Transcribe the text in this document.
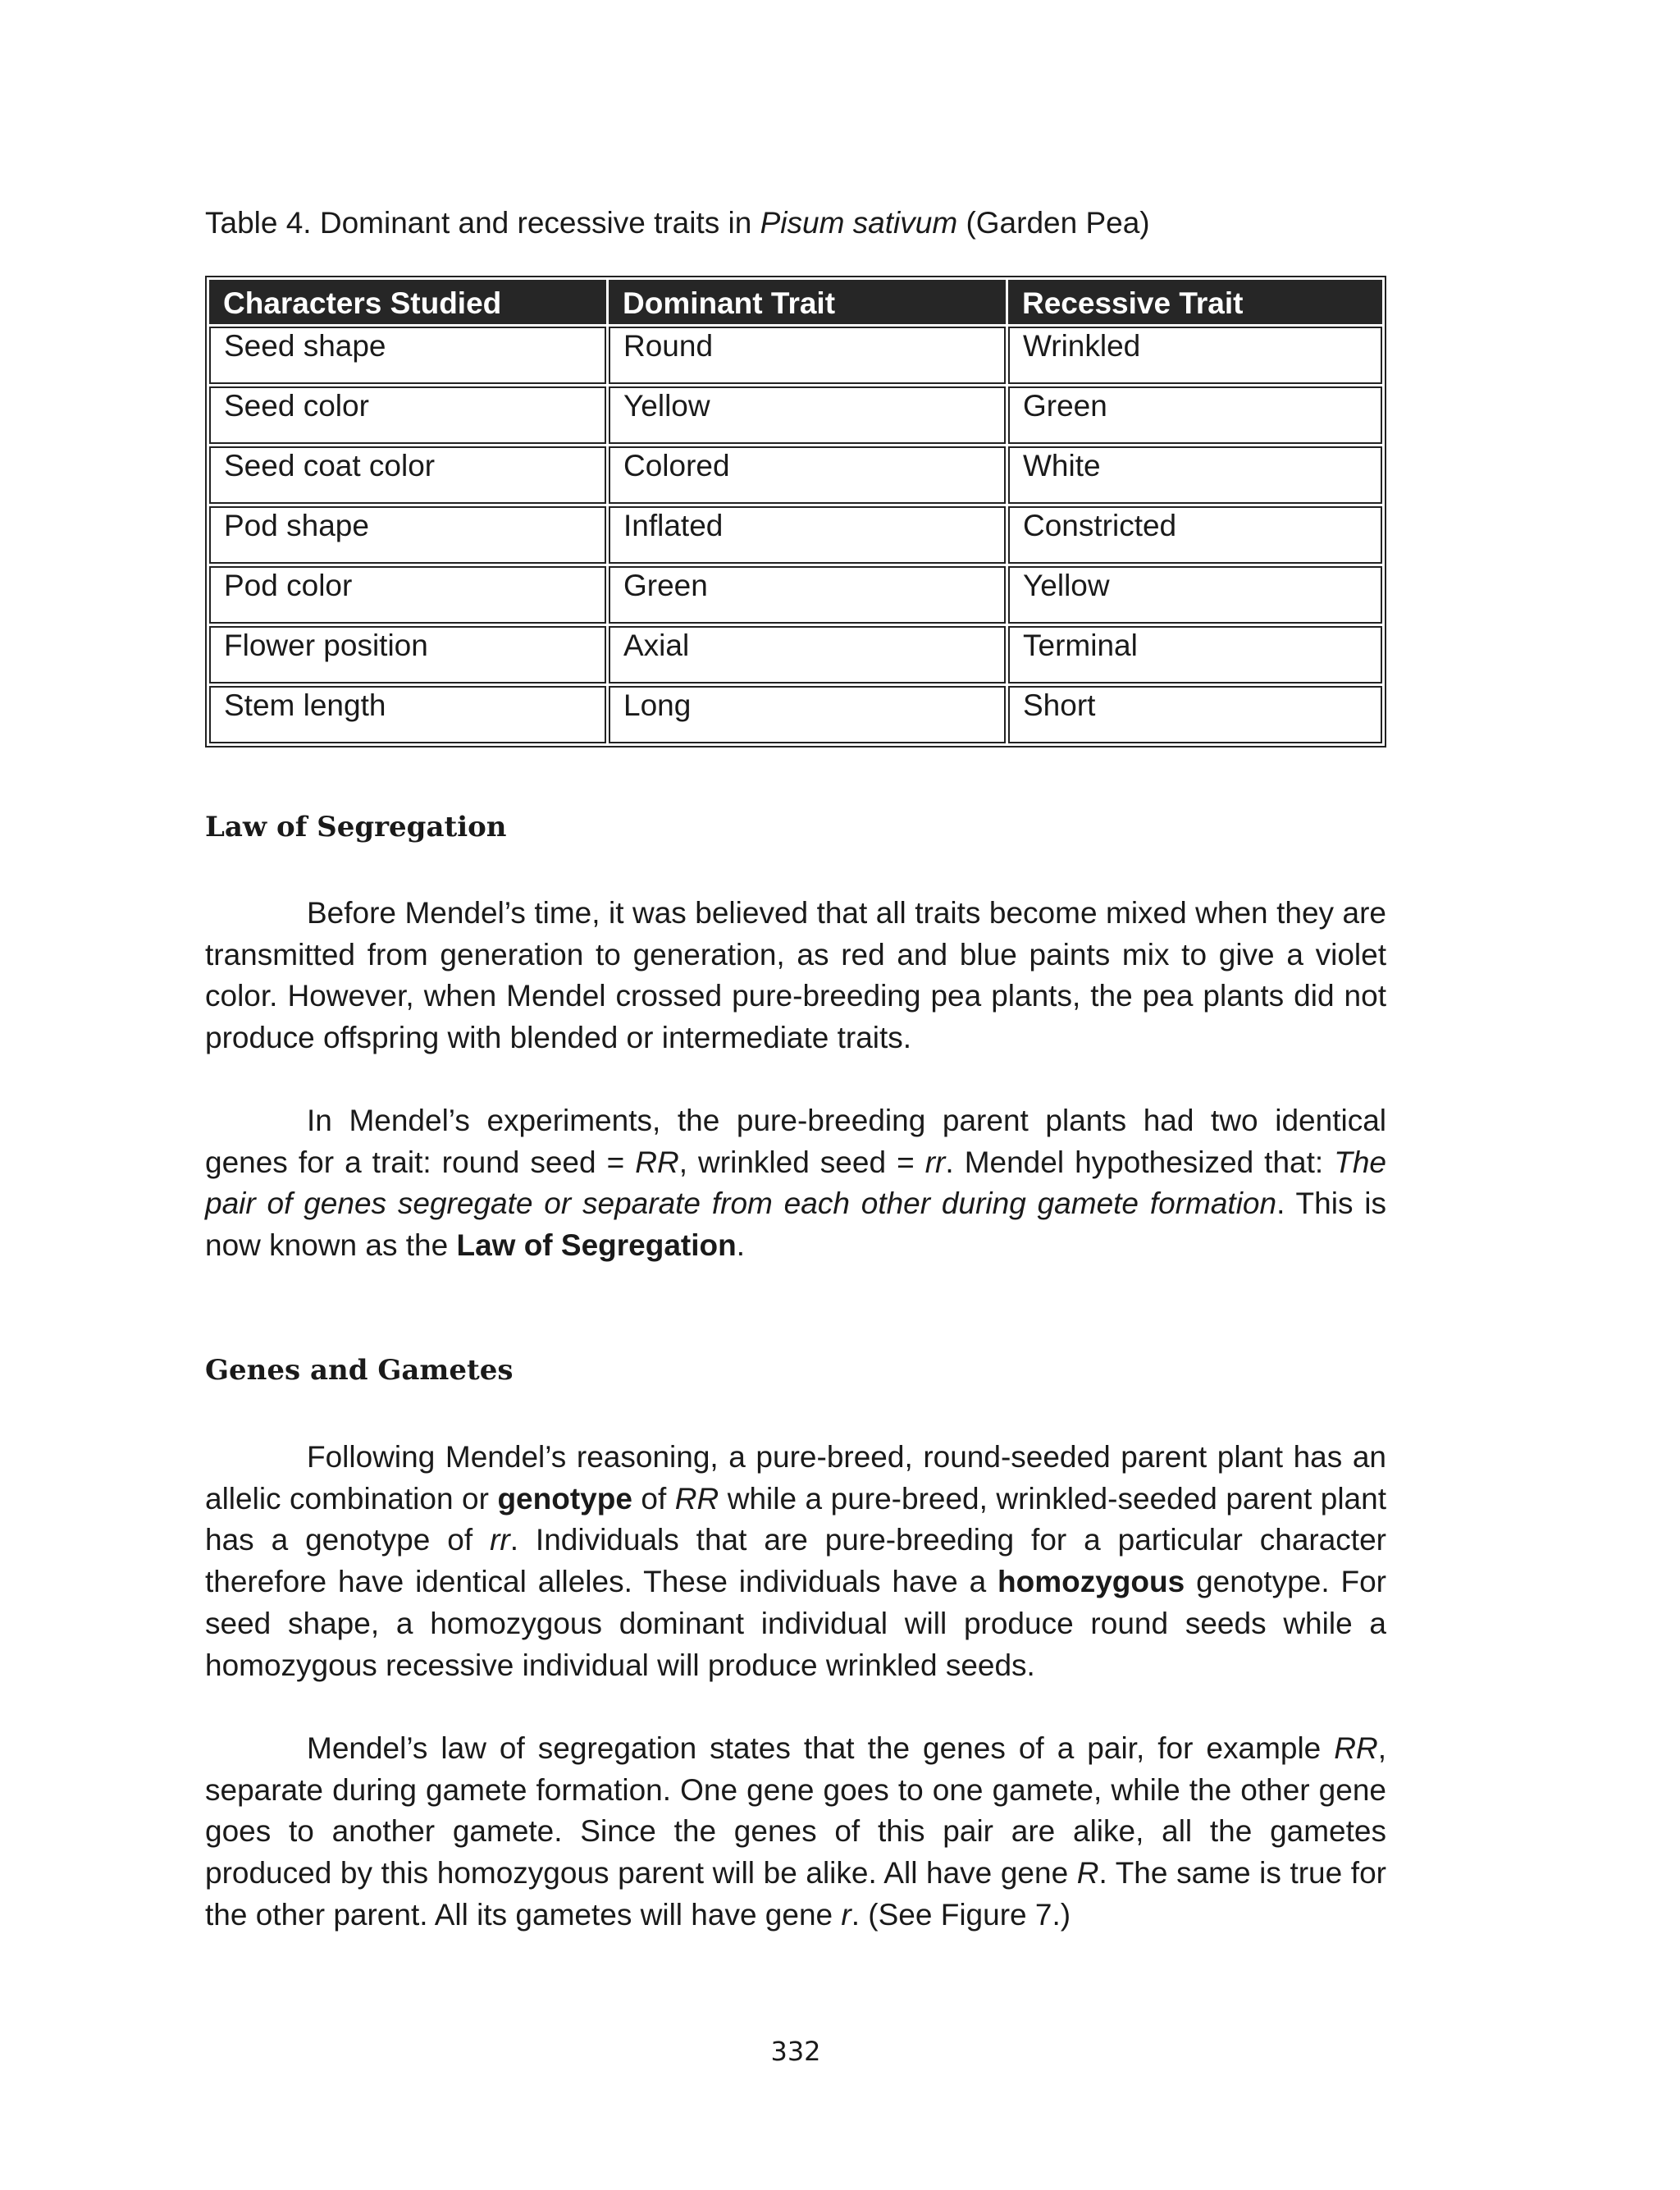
Table 4. Dominant and recessive traits in Pisum sativum (Garden Pea)

Characters Studied	Dominant Trait	Recessive Trait
Seed shape	Round	Wrinkled
Seed color	Yellow	Green
Seed coat color	Colored	White
Pod shape	Inflated	Constricted
Pod color	Green	Yellow
Flower position	Axial	Terminal
Stem length	Long	Short
Law of Segregation

Before Mendel’s time, it was believed that all traits become mixed when they are transmitted from generation to generation, as red and blue paints mix to give a violet color. However, when Mendel crossed pure-breeding pea plants, the pea plants did not produce offspring with blended or intermediate traits.

In Mendel’s experiments, the pure-breeding parent plants had two identical genes for a trait: round seed = RR, wrinkled seed = rr. Mendel hypothesized that: The pair of genes segregate or separate from each other during gamete formation. This is now known as the Law of Segregation.

Genes and Gametes

Following Mendel’s reasoning, a pure-breed, round-seeded parent plant has an allelic combination or genotype of RR while a pure-breed, wrinkled-seeded parent plant has a genotype of rr. Individuals that are pure-breeding for a particular character therefore have identical alleles. These individuals have a homozygous genotype. For seed shape, a homozygous dominant individual will produce round seeds while a homozygous recessive individual will produce wrinkled seeds.

Mendel’s law of segregation states that the genes of a pair, for example RR, separate during gamete formation. One gene goes to one gamete, while the other gene goes to another gamete. Since the genes of this pair are alike, all the gametes produced by this homozygous parent will be alike. All have gene R. The same is true for the other parent. All its gametes will have gene r. (See Figure 7.)

332
